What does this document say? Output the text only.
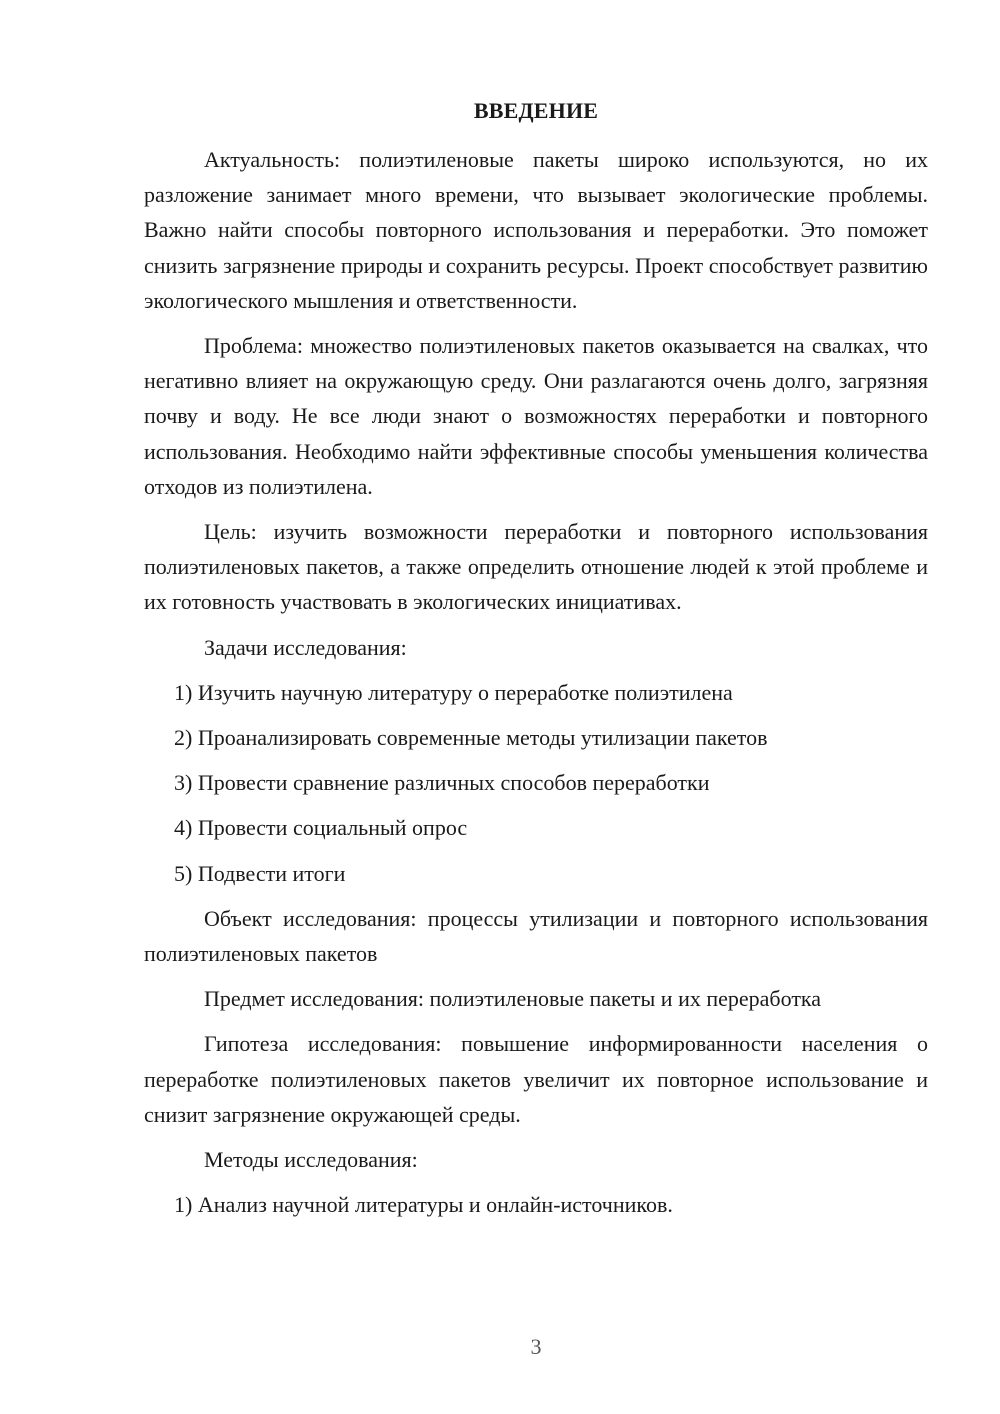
ВВЕДЕНИЕ

Актуальность: полиэтиленовые пакеты широко используются, но их разложение занимает много времени, что вызывает экологические проблемы. Важно найти способы повторного использования и переработки. Это поможет снизить загрязнение природы и сохранить ресурсы. Проект способствует развитию экологического мышления и ответственности.

Проблема: множество полиэтиленовых пакетов оказывается на свалках, что негативно влияет на окружающую среду. Они разлагаются очень долго, загрязняя почву и воду. Не все люди знают о возможностях переработки и повторного использования. Необходимо найти эффективные способы уменьшения количества отходов из полиэтилена.

Цель: изучить возможности переработки и повторного использования полиэтиленовых пакетов, а также определить отношение людей к этой проблеме и их готовность участвовать в экологических инициативах.

Задачи исследования:

1) Изучить научную литературу о переработке полиэтилена
2) Проанализировать современные методы утилизации пакетов
3) Провести сравнение различных способов переработки
4) Провести социальный опрос
5) Подвести итоги

Объект исследования: процессы утилизации и повторного использования полиэтиленовых пакетов

Предмет исследования: полиэтиленовые пакеты и их переработка

Гипотеза исследования: повышение информированности населения о переработке полиэтиленовых пакетов увеличит их повторное использование и снизит загрязнение окружающей среды.

Методы исследования:

1) Анализ научной литературы и онлайн-источников.
3
